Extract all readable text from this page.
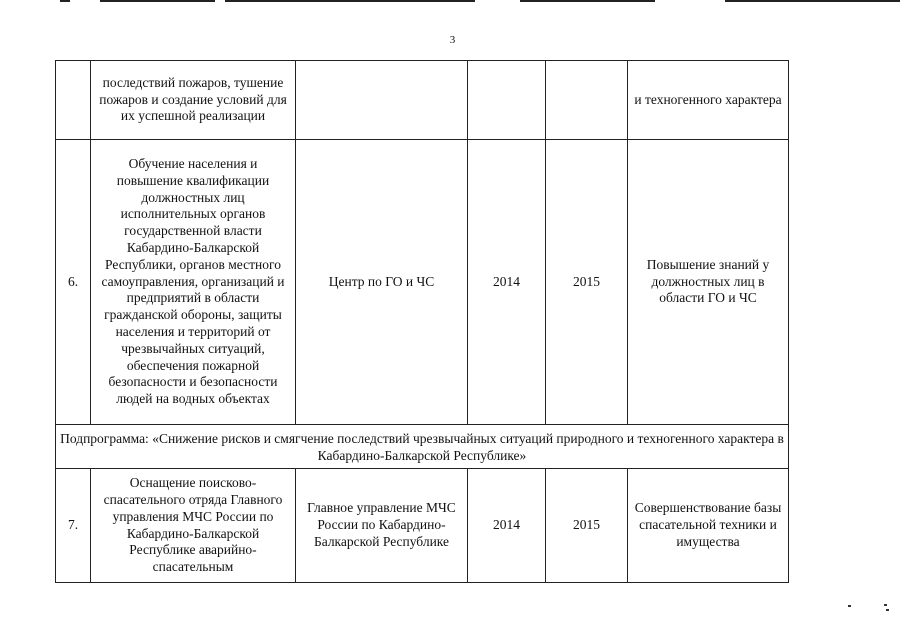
3
	последствий пожаров, тушение пожаров и создание условий для их успешной реализации				и техногенного характера
6.	Обучение населения и повышение квалификации должностных лиц исполнительных органов государственной власти Кабардино-Балкарской Республики, органов местного самоуправления, организаций и предприятий в области гражданской обороны, защиты населения и территорий от чрезвычайных ситуаций, обеспечения пожарной безопасности и безопасности людей на водных объектах	Центр по ГО и ЧС	2014	2015	Повышение знаний у должностных лиц в области ГО и ЧС
Подпрограмма: «Снижение рисков и смягчение последствий чрезвычайных ситуаций природного и техногенного характера в Кабардино-Балкарской Республике»					
7.	Оснащение поисково-спасательного отряда Главного управления МЧС России по Кабардино-Балкарской Республике аварийно-спасательным	Главное управление МЧС России по Кабардино-Балкарской Республике	2014	2015	Совершенствование базы спасательной техники и имущества
